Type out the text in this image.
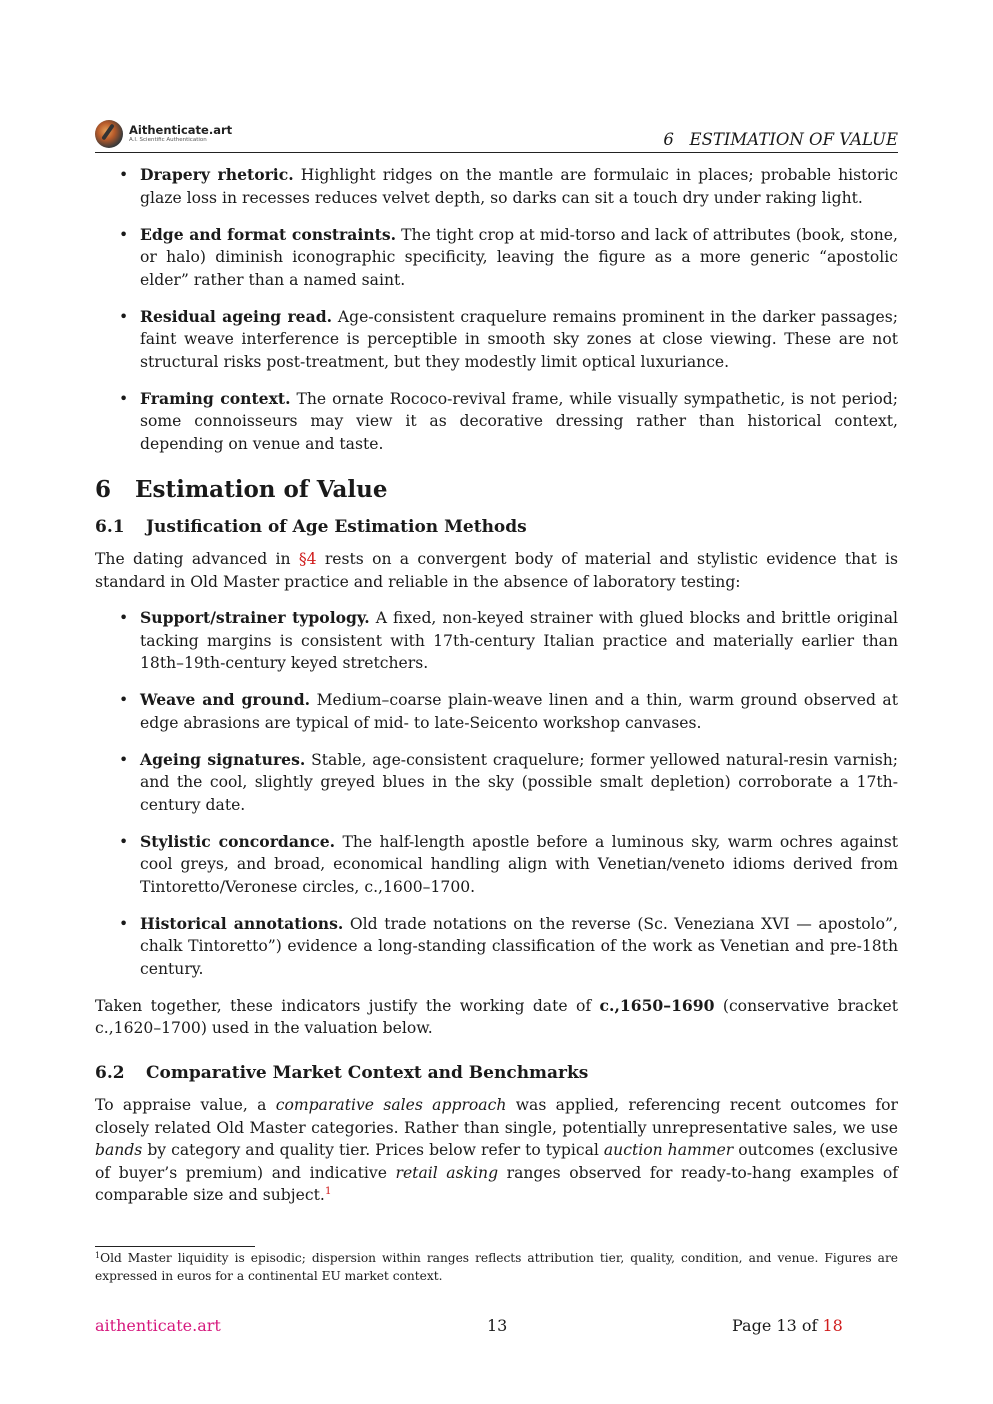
Aithenticate.art
A.I. Scientific Authentication	6   ESTIMATION OF VALUE
• Drapery rhetoric. Highlight ridges on the mantle are formulaic in places; probable historic glaze loss in recesses reduces velvet depth, so darks can sit a touch dry under raking light.
• Edge and format constraints. The tight crop at mid-torso and lack of attributes (book, stone, or halo) diminish iconographic specificity, leaving the figure as a more generic “apostolic elder” rather than a named saint.
• Residual ageing read. Age-consistent craquelure remains prominent in the darker passages; faint weave interference is perceptible in smooth sky zones at close viewing. These are not structural risks post-treatment, but they modestly limit optical luxuriance.
• Framing context. The ornate Rococo-revival frame, while visually sympathetic, is not period; some connoisseurs may view it as decorative dressing rather than historical context, depending on venue and taste.
6 Estimation of Value
6.1 Justification of Age Estimation Methods

The dating advanced in §4 rests on a convergent body of material and stylistic evidence that is standard in Old Master practice and reliable in the absence of laboratory testing:

• Support/strainer typology. A fixed, non-keyed strainer with glued blocks and brittle original tacking margins is consistent with 17th-century Italian practice and materially earlier than 18th–19th-century keyed stretchers.
• Weave and ground. Medium–coarse plain-weave linen and a thin, warm ground observed at edge abrasions are typical of mid- to late-Seicento workshop canvases.
• Ageing signatures. Stable, age-consistent craquelure; former yellowed natural-resin varnish; and the cool, slightly greyed blues in the sky (possible smalt depletion) corroborate a 17th-century date.
• Stylistic concordance. The half-length apostle before a luminous sky, warm ochres against cool greys, and broad, economical handling align with Venetian/veneto idioms derived from Tintoretto/Veronese circles, c.,1600–1700.
• Historical annotations. Old trade notations on the reverse (Sc. Veneziana XVI — apostolo”, chalk Tintoretto”) evidence a long-standing classification of the work as Venetian and pre-18th century.

Taken together, these indicators justify the working date of c.,1650–1690 (conservative bracket c.,1620–1700) used in the valuation below.

6.2 Comparative Market Context and Benchmarks

To appraise value, a comparative sales approach was applied, referencing recent outcomes for closely related Old Master categories. Rather than single, potentially unrepresentative sales, we use bands by category and quality tier. Prices below refer to typical auction hammer outcomes (exclusive of buyer’s premium) and indicative retail asking ranges observed for ready-to-hang examples of comparable size and subject.$^1$

$^1$Old Master liquidity is episodic; dispersion within ranges reflects attribution tier, quality, condition, and venue. Figures are expressed in euros for a continental EU market context.
aithenticate.art	13	Page 13 of 18
